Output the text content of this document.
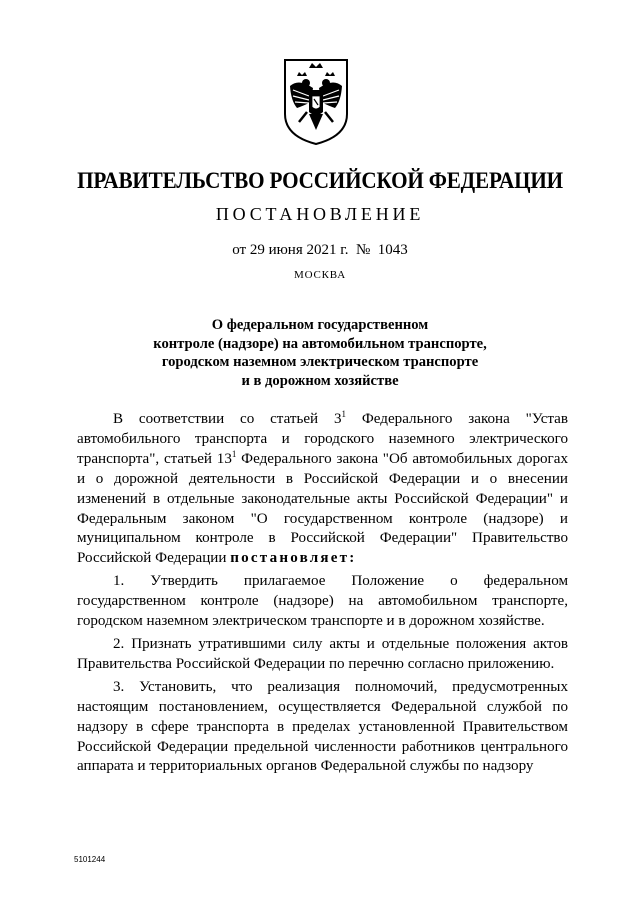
ПРАВИТЕЛЬСТВО РОССИЙСКОЙ ФЕДЕРАЦИИ
ПОСТАНОВЛЕНИЕ
от 29 июня 2021 г. № 1043
МОСКВА
О федеральном государственном
контроле (надзоре) на автомобильном транспорте,
городском наземном электрическом транспорте
и в дорожном хозяйстве

В соответствии со статьей $3^1$ Федерального закона "Устав автомобильного транспорта и городского наземного электрического транспорта", статьей $13^1$ Федерального закона "Об автомобильных дорогах и о дорожной деятельности в Российской Федерации и о внесении изменений в отдельные законодательные акты Российской Федерации" и Федеральным законом "О государственном контроле (надзоре) и муниципальном контроле в Российской Федерации" Правительство Российской Федерации постановляет:

1. Утвердить прилагаемое Положение о федеральном государственном контроле (надзоре) на автомобильном транспорте, городском наземном электрическом транспорте и в дорожном хозяйстве.

2. Признать утратившими силу акты и отдельные положения актов Правительства Российской Федерации по перечню согласно приложению.

3. Установить, что реализация полномочий, предусмотренных настоящим постановлением, осуществляется Федеральной службой по надзору в сфере транспорта в пределах установленной Правительством Российской Федерации предельной численности работников центрального аппарата и территориальных органов Федеральной службы по надзору

5101244
